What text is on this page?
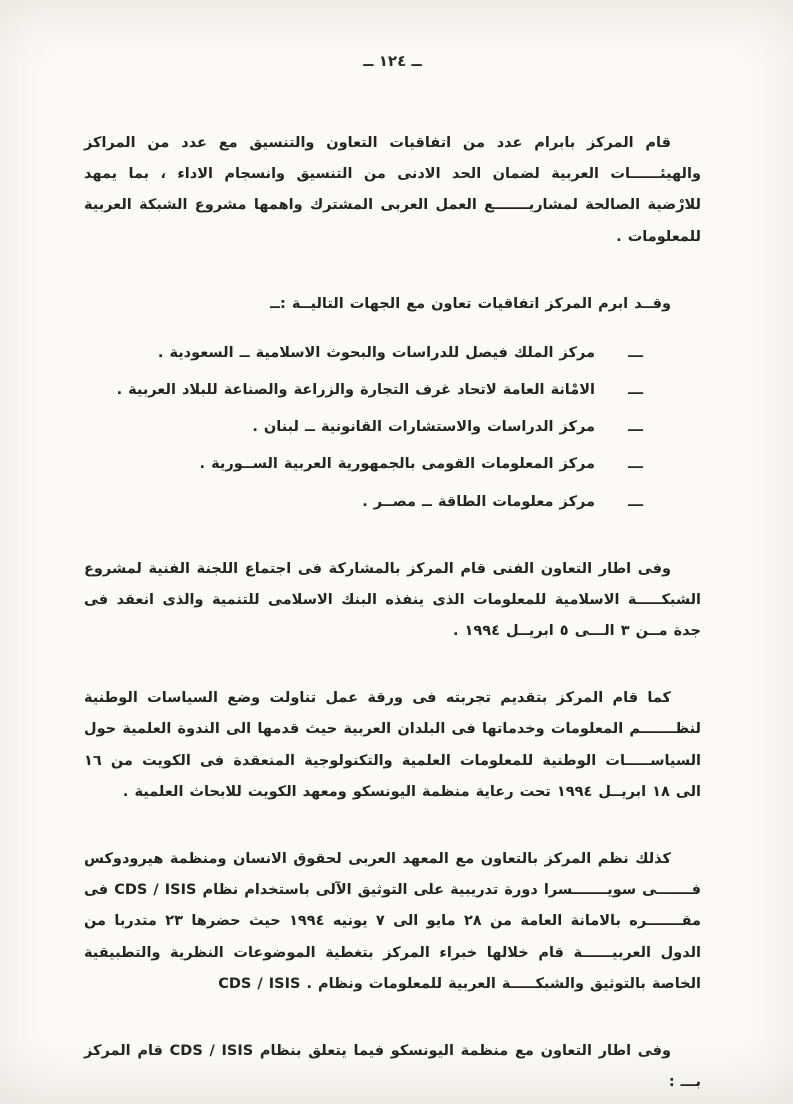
ــ ١٢٤ ــ

قام المركز بابرام عدد من اتفاقيات التعاون والتنسيق مع عدد من المراكز والهيئــــــات العربية لضمان الحد الادنى من التنسيق وانسجام الاداء ، بما يمهد للارْضية الصالحة لمشاريـــــــع العمل العربى المشترك واهمها مشروع الشبكة العربية للمعلومات .

وقــد ابرم المركز اتفاقيات تعاون مع الجهات التاليــة :ــ

ـــ
مركز الملك فيصل للدراسات والبحوث الاسلامية ــ السعودية .
ـــ
الامْانة العامة لاتحاد غرف التجارة والزراعة والصناعة للبلاد العربية .
ـــ
مركز الدراسات والاستشارات القانونية ــ لبنان .
ـــ
مركز المعلومات القومى بالجمهورية العربية الســورية .
ـــ
مركز معلومات الطاقة ــ مصــر .

وفى اطار التعاون الفنى قام المركز بالمشاركة فى اجتماع اللجنة الفنية لمشروع الشبكـــــة الاسلامية للمعلومات الذى ينفذه البنك الاسلامى للتنمية والذى انعقد فى جدة مــن ٣ الـــى ٥ ابريــل ١٩٩٤ .

كما قام المركز بتقديم تجربته فى ورقة عمل تناولت وضع السياسات الوطنية لنظـــــــم المعلومات وخدماتها فى البلدان العربية حيث قدمها الى الندوة العلمية حول السياســـــات الوطنية للمعلومات العلمية والتكنولوجية المنعقدة فى الكويت من ١٦ الى ١٨ ابريــل ١٩٩٤ تحت رعاية منظمة اليونسكو ومعهد الكويت للابحاث العلمية .

كذلك نظم المركز بالتعاون مع المعهد العربى لحقوق الانسان ومنظمة هيرودوكس فـــــــى سويـــــــسرا دورة تدريبية على التوثيق الآلى باستخدام نظام CDS / ISIS فى مقـــــــره بالامانة العامة من ٢٨ مايو الى ٧ يونيه ١٩٩٤ حيث حضرها ٢٣ متدربا من الدول العربيــــــة قام خلالها خبراء المركز بتغطية الموضوعات النظرية والتطبيقية الخاصة بالتوثيق والشبكـــــة العربية للمعلومات ونظام . CDS / ISIS

وفى اطار التعاون مع منظمة اليونسكو فيما يتعلق بنظام CDS / ISIS قام المركز بـــ :
